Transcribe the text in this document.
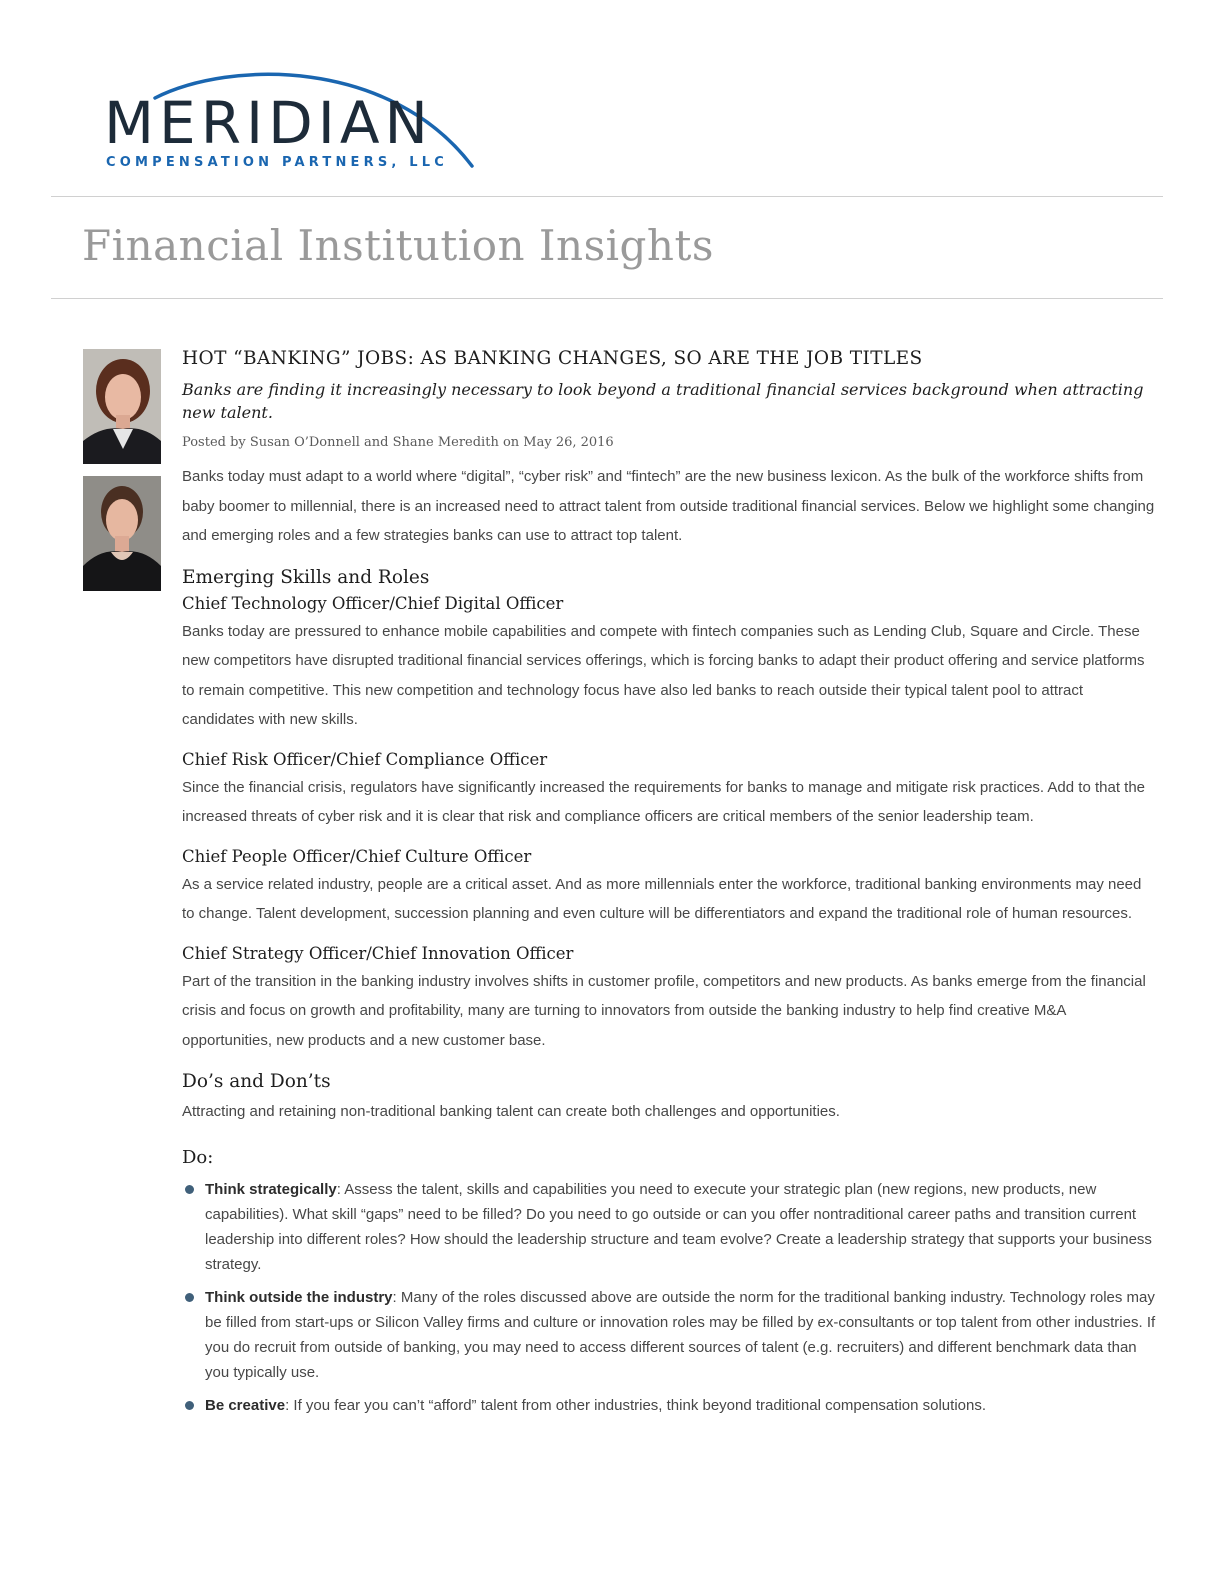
MERIDIAN
COMPENSATION PARTNERS, LLC
Financial Institution Insights
HOT “BANKING” JOBS: AS BANKING CHANGES, SO ARE THE JOB TITLES

Banks are finding it increasingly necessary to look beyond a traditional financial services background when attracting new talent.

Posted by Susan O’Donnell and Shane Meredith on May 26, 2016

Banks today must adapt to a world where “digital”, “cyber risk” and “fintech” are the new business lexicon. As the bulk of the workforce shifts from baby boomer to millennial, there is an increased need to attract talent from outside traditional financial services. Below we highlight some changing and emerging roles and a few strategies banks can use to attract top talent.

Emerging Skills and Roles
Chief Technology Officer/Chief Digital Officer

Banks today are pressured to enhance mobile capabilities and compete with fintech companies such as Lending Club, Square and Circle. These new competitors have disrupted traditional financial services offerings, which is forcing banks to adapt their product offering and service platforms to remain competitive. This new competition and technology focus have also led banks to reach outside their typical talent pool to attract candidates with new skills.

Chief Risk Officer/Chief Compliance Officer

Since the financial crisis, regulators have significantly increased the requirements for banks to manage and mitigate risk practices. Add to that the increased threats of cyber risk and it is clear that risk and compliance officers are critical members of the senior leadership team.

Chief People Officer/Chief Culture Officer

As a service related industry, people are a critical asset. And as more millennials enter the workforce, traditional banking environments may need to change. Talent development, succession planning and even culture will be differentiators and expand the traditional role of human resources.

Chief Strategy Officer/Chief Innovation Officer

Part of the transition in the banking industry involves shifts in customer profile, competitors and new products. As banks emerge from the financial crisis and focus on growth and profitability, many are turning to innovators from outside the banking industry to help find creative M&A opportunities, new products and a new customer base.

Do’s and Don’ts

Attracting and retaining non-traditional banking talent can create both challenges and opportunities.

Do:
Think strategically: Assess the talent, skills and capabilities you need to execute your strategic plan (new regions, new products, new capabilities). What skill “gaps” need to be filled? Do you need to go outside or can you offer nontraditional career paths and transition current leadership into different roles? How should the leadership structure and team evolve? Create a leadership strategy that supports your business strategy.
Think outside the industry: Many of the roles discussed above are outside the norm for the traditional banking industry. Technology roles may be filled from start-ups or Silicon Valley firms and culture or innovation roles may be filled by ex-consultants or top talent from other industries. If you do recruit from outside of banking, you may need to access different sources of talent (e.g. recruiters) and different benchmark data than you typically use.
Be creative: If you fear you can’t “afford” talent from other industries, think beyond traditional compensation solutions.
